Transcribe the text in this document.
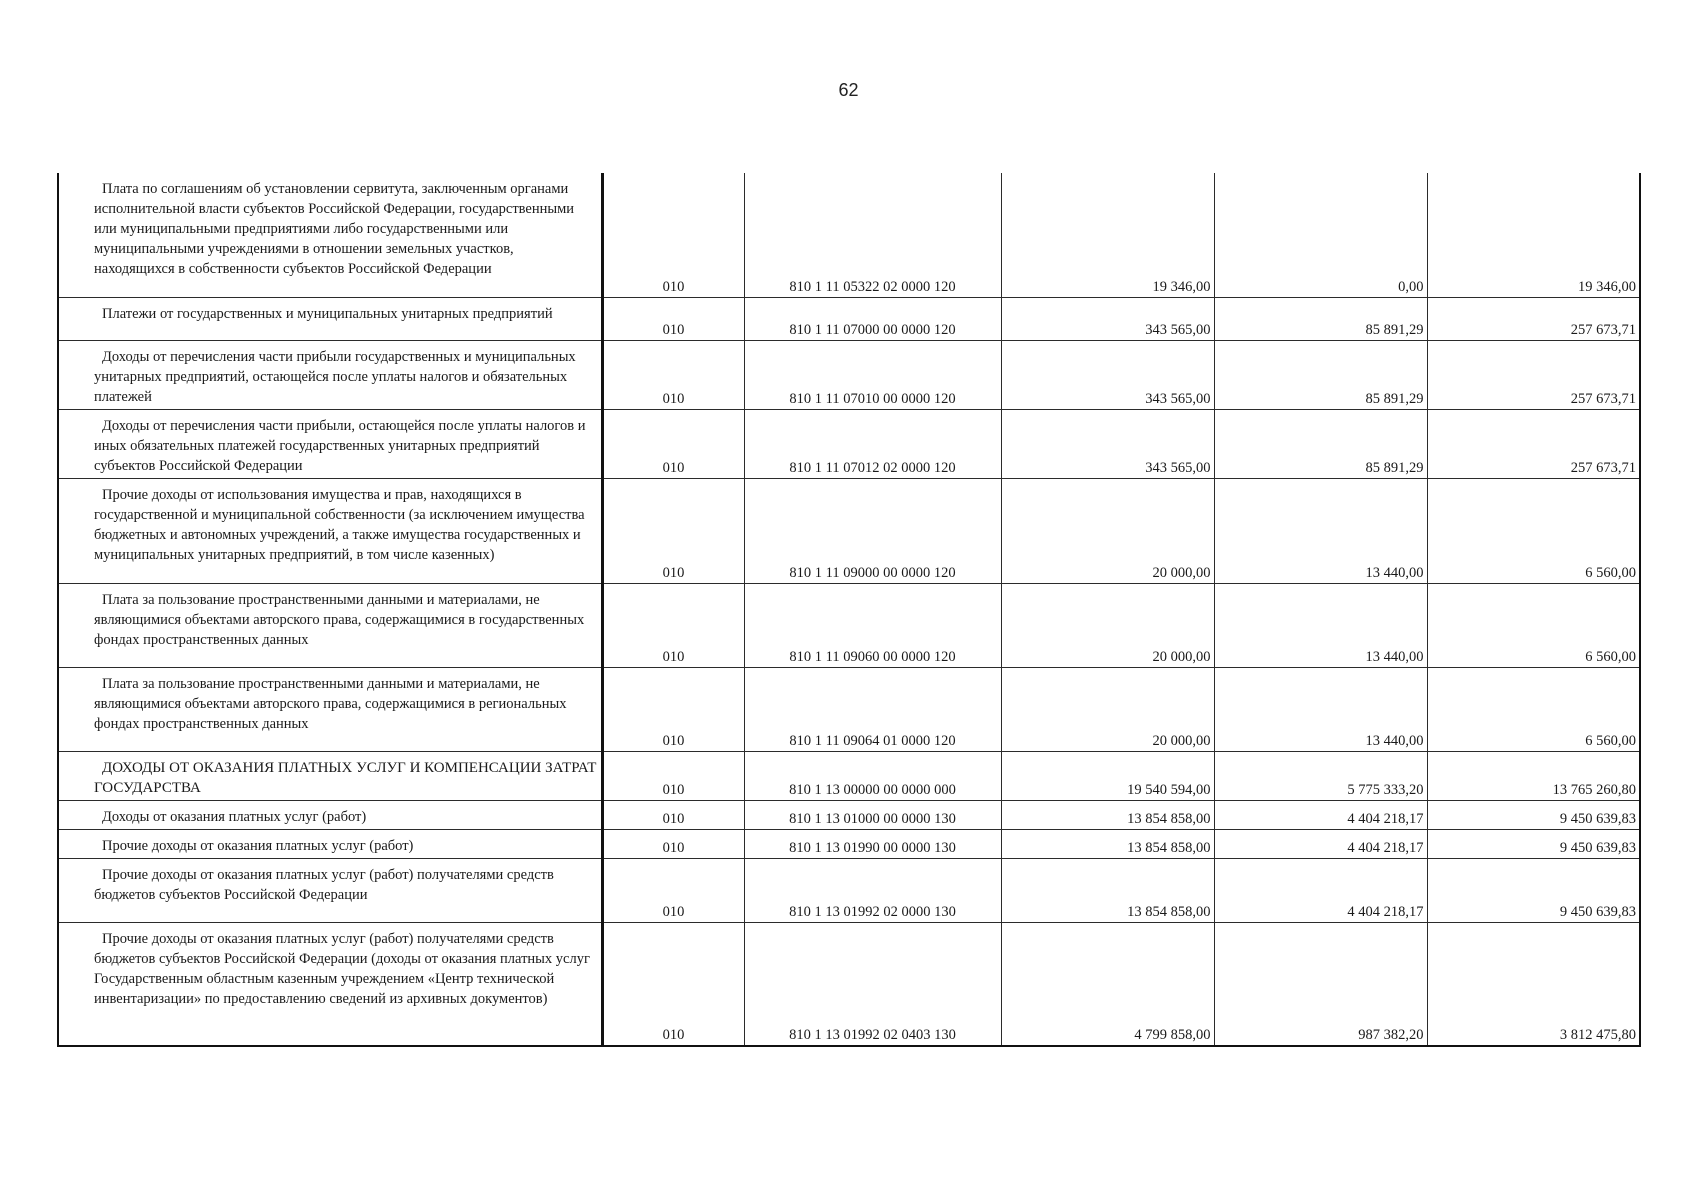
62
Плата по соглашениям об установлении сервитута, заключенным органами исполнительной власти субъектов Российской Федерации, государственными или муниципальными предприятиями либо государственными или муниципальными учреждениями в отношении земельных участков, находящихся в собственности субъектов Российской Федерации	010	810 1 11 05322 02 0000 120	19 346,00	0,00	19 346,00
Платежи от государственных и муниципальных унитарных предприятий	010	810 1 11 07000 00 0000 120	343 565,00	85 891,29	257 673,71
Доходы от перечисления части прибыли государственных и муниципальных унитарных предприятий, остающейся после уплаты налогов и обязательных платежей	010	810 1 11 07010 00 0000 120	343 565,00	85 891,29	257 673,71
Доходы от перечисления части прибыли, остающейся после уплаты налогов и иных обязательных платежей государственных унитарных предприятий субъектов Российской Федерации	010	810 1 11 07012 02 0000 120	343 565,00	85 891,29	257 673,71
Прочие доходы от использования имущества и прав, находящихся в государственной и муниципальной собственности (за исключением имущества бюджетных и автономных учреждений, а также имущества государственных и муниципальных унитарных предприятий, в том числе казенных)	010	810 1 11 09000 00 0000 120	20 000,00	13 440,00	6 560,00
Плата за пользование пространственными данными и материалами, не являющимися объектами авторского права, содержащимися в государственных фондах пространственных данных	010	810 1 11 09060 00 0000 120	20 000,00	13 440,00	6 560,00
Плата за пользование пространственными данными и материалами, не являющимися объектами авторского права, содержащимися в региональных фондах пространственных данных	010	810 1 11 09064 01 0000 120	20 000,00	13 440,00	6 560,00
ДОХОДЫ ОТ ОКАЗАНИЯ ПЛАТНЫХ УСЛУГ И КОМПЕНСАЦИИ ЗАТРАТ ГОСУДАРСТВА	010	810 1 13 00000 00 0000 000	19 540 594,00	5 775 333,20	13 765 260,80
Доходы от оказания платных услуг (работ)	010	810 1 13 01000 00 0000 130	13 854 858,00	4 404 218,17	9 450 639,83
Прочие доходы от оказания платных услуг (работ)	010	810 1 13 01990 00 0000 130	13 854 858,00	4 404 218,17	9 450 639,83
Прочие доходы от оказания платных услуг (работ) получателями средств бюджетов субъектов Российской Федерации	010	810 1 13 01992 02 0000 130	13 854 858,00	4 404 218,17	9 450 639,83
Прочие доходы от оказания платных услуг (работ) получателями средств бюджетов субъектов Российской Федерации (доходы от оказания платных услуг Государственным областным казенным учреждением «Центр технической инвентаризации» по предоставлению сведений из архивных документов)	010	810 1 13 01992 02 0403 130	4 799 858,00	987 382,20	3 812 475,80
